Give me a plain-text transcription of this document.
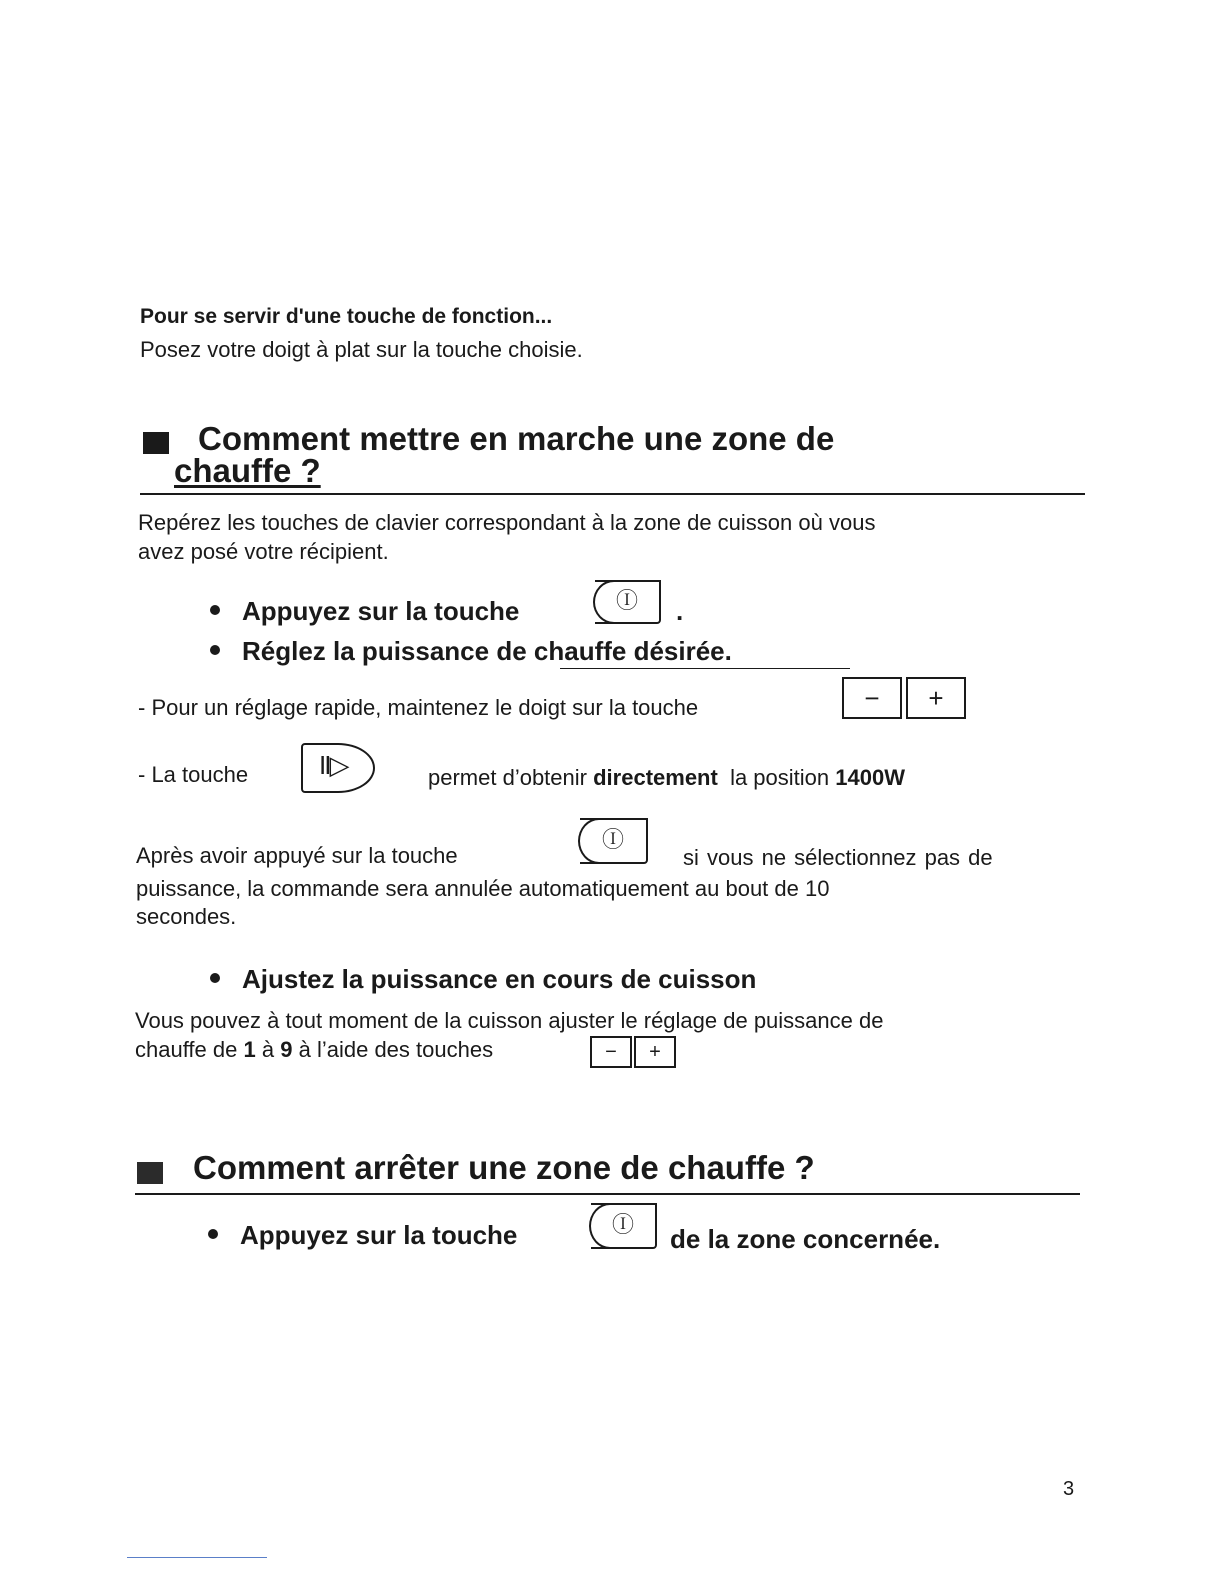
Pour se servir d'une touche de fonction...
Posez votre doigt à plat sur la touche choisie.
Comment mettre en marche une zone de
chauffe ?
Repérez les touches de clavier correspondant à la zone de cuisson où vous
avez posé votre récipient.
Appuyez sur la touche	Ⓘ	.
Réglez la puissance de chauffe désirée.
- Pour un réglage rapide, maintenez le doigt sur la touche	−	+
- La touche	II▷	permet d’obtenir directement la position 1400W
Après avoir appuyé sur la touche
Ⓘ
si vous ne sélectionnez pas de
puissance, la commande sera annulée automatiquement au bout de 10
secondes.
Ajustez la puissance en cours de cuisson
Vous pouvez à tout moment de la cuisson ajuster le réglage de puissance de
chauffe de 1 à 9 à l’aide des touches	−	+
Comment arrêter une zone de chauffe ?
Appuyez sur la touche	Ⓘ	de la zone concernée.
3
